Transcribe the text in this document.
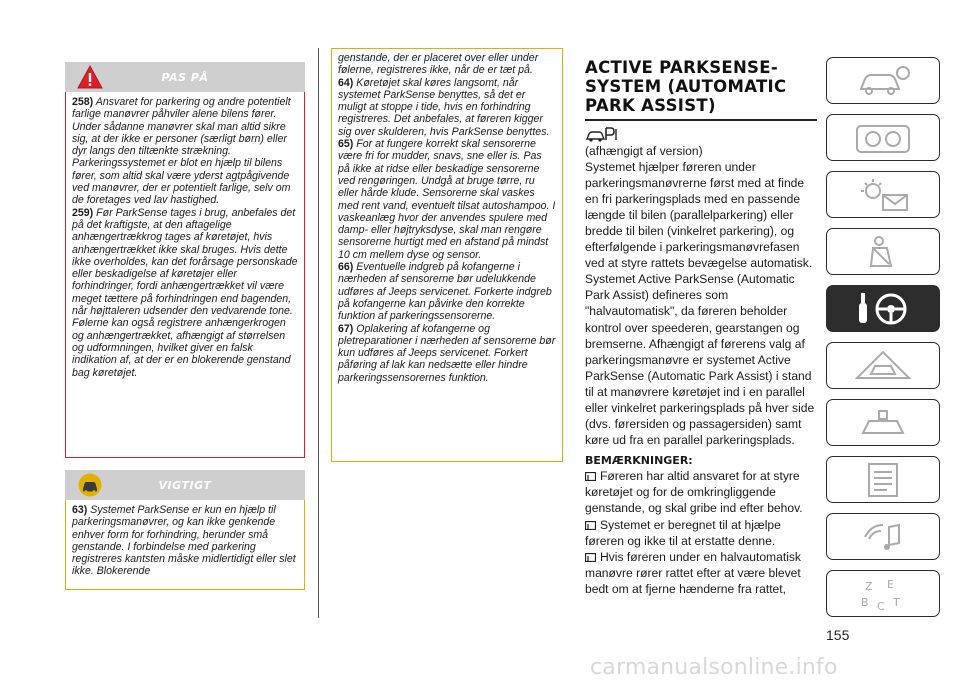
PAS PÅ

258) Ansvaret for parkering og andre potentielt farlige manøvrer påhviler alene bilens fører. Under sådanne manøvrer skal man altid sikre sig, at der ikke er personer (særligt børn) eller dyr langs den tiltænkte strækning. Parkeringssystemet er blot en hjælp til bilens fører, som altid skal være yderst agtpågivende ved manøvrer, der er potentielt farlige, selv om de foretages ved lav hastighed.

259) Før ParkSense tages i brug, anbefales det på det kraftigste, at den aftagelige anhængertrækkrog tages af køretøjet, hvis anhængertrækket ikke skal bruges. Hvis dette ikke overholdes, kan det forårsage personskade eller beskadigelse af køretøjer eller forhindringer, fordi anhængertrækket vil være meget tættere på forhindringen end bagenden, når højttaleren udsender den vedvarende tone. Følerne kan også registrere anhængerkrogen og anhængertrækket, afhængigt af størrelsen og udformningen, hvilket giver en falsk indikation af, at der er en blokerende genstand bag køretøjet.

VIGTIGT

63) Systemet ParkSense er kun en hjælp til parkeringsmanøvrer, og kan ikke genkende enhver form for forhindring, herunder små genstande. I forbindelse med parkering registreres kantsten måske midlertidigt eller slet ikke. Blokerende

genstande, der er placeret over eller under følerne, registreres ikke, når de er tæt på.

64) Køretøjet skal køres langsomt, når systemet ParkSense benyttes, så det er muligt at stoppe i tide, hvis en forhindring registreres. Det anbefales, at føreren kigger sig over skulderen, hvis ParkSense benyttes.

65) For at fungere korrekt skal sensorerne være fri for mudder, snavs, sne eller is. Pas på ikke at ridse eller beskadige sensorerne ved rengøringen. Undgå at bruge tørre, ru eller hårde klude. Sensorerne skal vaskes med rent vand, eventuelt tilsat autoshampoo. I vaskeanlæg hvor der anvendes spulere med damp- eller højtryksdyse, skal man rengøre sensorerne hurtigt med en afstand på mindst 10 cm mellem dyse og sensor.

66) Eventuelle indgreb på kofangerne i nærheden af sensorerne bør udelukkende udføres af Jeeps servicenet. Forkerte indgreb på kofangerne kan påvirke den korrekte funktion af parkeringssensorerne.

67) Oplakering af kofangerne og pletreparationer i nærheden af sensorerne bør kun udføres af Jeeps servicenet. Forkert påføring af lak kan nedsætte eller hindre parkeringssensorernes funktion.

ACTIVE PARKSENSE-
SYSTEM (AUTOMATIC
PARK ASSIST)

(afhængigt af version)

Systemet hjælper føreren under parkeringsmanøvrerne først med at finde en fri parkeringsplads med en passende længde til bilen (parallelparkering) eller bredde til bilen (vinkelret parkering), og efterfølgende i parkeringsmanøvrefasen ved at styre rattets bevægelse automatisk.

Systemet Active ParkSense (Automatic Park Assist) defineres som "halvautomatisk", da føreren beholder kontrol over speederen, gearstangen og bremserne. Afhængigt af førerens valg af parkeringsmanøvre er systemet Active ParkSense (Automatic Park Assist) i stand til at manøvrere køretøjet ind i en parallel eller vinkelret parkeringsplads på hver side (dvs. førersiden og passagersiden) samt køre ud fra en parallel parkeringsplads.

BEMÆRKNINGER:

Føreren har altid ansvaret for at styre køretøjet og for de omkringliggende genstande, og skal gribe ind efter behov.

Systemet er beregnet til at hjælpe føreren og ikke til at erstatte denne.

Hvis føreren under en halvautomatisk manøvre rører rattet efter at være blevet bedt om at fjerne hænderne fra rattet,

155
Z E
B C T
carmanualsonline.info
